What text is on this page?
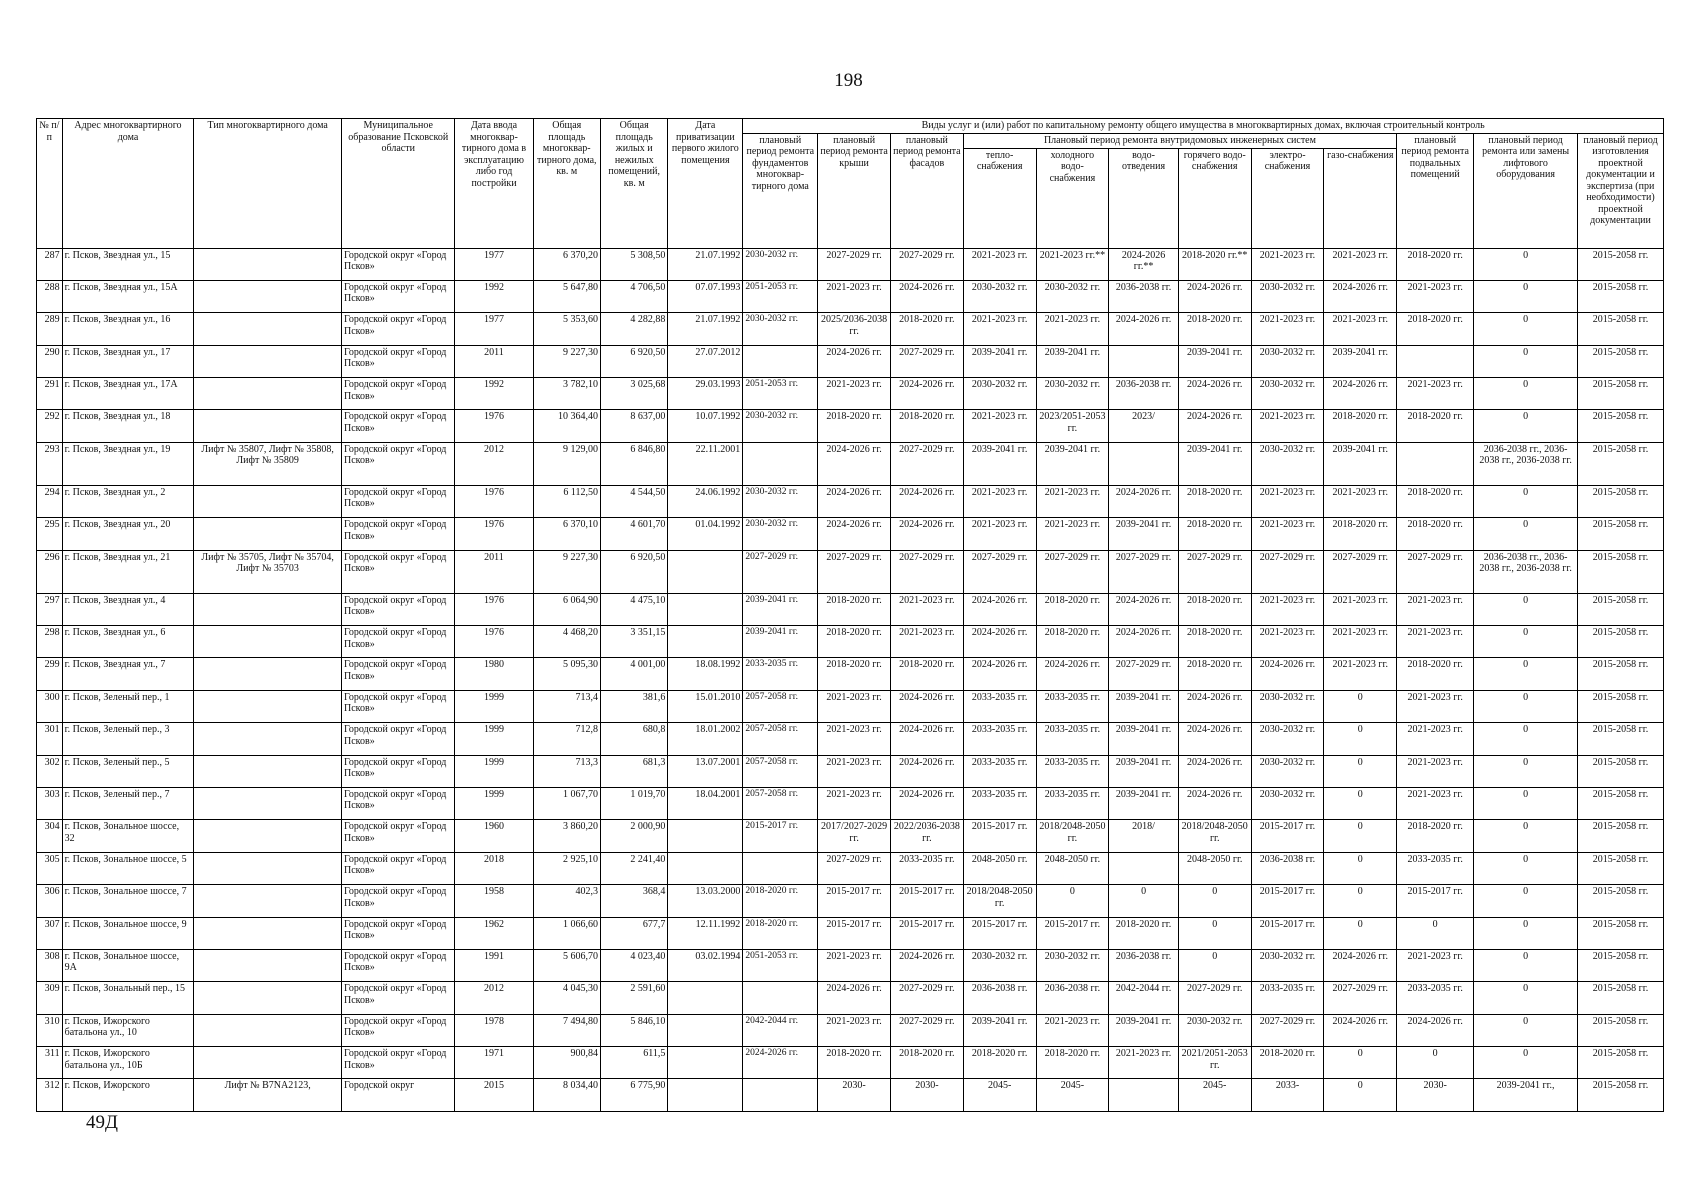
198
№ п/п	Адрес многоквартирного дома	Тип многоквартирного дома	Муниципальное образование Псковской области	Дата ввода многоквар-тирного дома в эксплуатацию либо год постройки	Общая площадь многоквар-тирного дома, кв. м	Общая площадь жилых и нежилых помещений, кв. м	Дата приватизации первого жилого помещения	Виды услуг и (или) работ по капитальному ремонту общего имущества в многоквартирных домах, включая строительный контроль											
								плановый период ремонта фундаментов многоквар-тирного дома	плановый период ремонта крыши	плановый период ремонта фасадов	Плановый период ремонта внутридомовых инженерных систем						плановый период ремонта подвальных помещений	плановый период ремонта или замены лифтового оборудования	плановый период изготовления проектной документации и экспертиза (при необходимости) проектной документации
											тепло-снабжения	холодного водо-снабжения	водо-отведения	горячего водо-снабжения	электро-снабжения	газо-снабжения			
287	г. Псков, Звездная ул., 15		Городской округ «Город Псков»	1977	6 370,20	5 308,50	21.07.1992	2030-2032 гг.	2027-2029 гг.	2027-2029 гг.	2021-2023 гг.	2021-2023 гг.**	2024-2026 гг.**	2018-2020 гг.**	2021-2023 гг.	2021-2023 гг.	2018-2020 гг.	0	2015-2058 гг.
288	г. Псков, Звездная ул., 15А		Городской округ «Город Псков»	1992	5 647,80	4 706,50	07.07.1993	2051-2053 гг.	2021-2023 гг.	2024-2026 гг.	2030-2032 гг.	2030-2032 гг.	2036-2038 гг.	2024-2026 гг.	2030-2032 гг.	2024-2026 гг.	2021-2023 гг.	0	2015-2058 гг.
289	г. Псков, Звездная ул., 16		Городской округ «Город Псков»	1977	5 353,60	4 282,88	21.07.1992	2030-2032 гг.	2025/2036-2038 гг.	2018-2020 гг.	2021-2023 гг.	2021-2023 гг.	2024-2026 гг.	2018-2020 гг.	2021-2023 гг.	2021-2023 гг.	2018-2020 гг.	0	2015-2058 гг.
290	г. Псков, Звездная ул., 17		Городской округ «Город Псков»	2011	9 227,30	6 920,50	27.07.2012		2024-2026 гг.	2027-2029 гг.	2039-2041 гг.	2039-2041 гг.		2039-2041 гг.	2030-2032 гг.	2039-2041 гг.		0	2015-2058 гг.
291	г. Псков, Звездная ул., 17А		Городской округ «Город Псков»	1992	3 782,10	3 025,68	29.03.1993	2051-2053 гг.	2021-2023 гг.	2024-2026 гг.	2030-2032 гг.	2030-2032 гг.	2036-2038 гг.	2024-2026 гг.	2030-2032 гг.	2024-2026 гг.	2021-2023 гг.	0	2015-2058 гг.
292	г. Псков, Звездная ул., 18		Городской округ «Город Псков»	1976	10 364,40	8 637,00	10.07.1992	2030-2032 гг.	2018-2020 гг.	2018-2020 гг.	2021-2023 гг.	2023/2051-2053 гг.	2023/	2024-2026 гг.	2021-2023 гг.	2018-2020 гг.	2018-2020 гг.	0	2015-2058 гг.
293	г. Псков, Звездная ул., 19	Лифт № 35807, Лифт № 35808, Лифт № 35809	Городской округ «Город Псков»	2012	9 129,00	6 846,80	22.11.2001		2024-2026 гг.	2027-2029 гг.	2039-2041 гг.	2039-2041 гг.		2039-2041 гг.	2030-2032 гг.	2039-2041 гг.		2036-2038 гг., 2036-2038 гг., 2036-2038 гг.	2015-2058 гг.
294	г. Псков, Звездная ул., 2		Городской округ «Город Псков»	1976	6 112,50	4 544,50	24.06.1992	2030-2032 гг.	2024-2026 гг.	2024-2026 гг.	2021-2023 гг.	2021-2023 гг.	2024-2026 гг.	2018-2020 гг.	2021-2023 гг.	2021-2023 гг.	2018-2020 гг.	0	2015-2058 гг.
295	г. Псков, Звездная ул., 20		Городской округ «Город Псков»	1976	6 370,10	4 601,70	01.04.1992	2030-2032 гг.	2024-2026 гг.	2024-2026 гг.	2021-2023 гг.	2021-2023 гг.	2039-2041 гг.	2018-2020 гг.	2021-2023 гг.	2018-2020 гг.	2018-2020 гг.	0	2015-2058 гг.
296	г. Псков, Звездная ул., 21	Лифт № 35705, Лифт № 35704, Лифт № 35703	Городской округ «Город Псков»	2011	9 227,30	6 920,50		2027-2029 гг.	2027-2029 гг.	2027-2029 гг.	2027-2029 гг.	2027-2029 гг.	2027-2029 гг.	2027-2029 гг.	2027-2029 гг.	2027-2029 гг.	2027-2029 гг.	2036-2038 гг., 2036-2038 гг., 2036-2038 гг.	2015-2058 гг.
297	г. Псков, Звездная ул., 4		Городской округ «Город Псков»	1976	6 064,90	4 475,10		2039-2041 гг.	2018-2020 гг.	2021-2023 гг.	2024-2026 гг.	2018-2020 гг.	2024-2026 гг.	2018-2020 гг.	2021-2023 гг.	2021-2023 гг.	2021-2023 гг.	0	2015-2058 гг.
298	г. Псков, Звездная ул., 6		Городской округ «Город Псков»	1976	4 468,20	3 351,15		2039-2041 гг.	2018-2020 гг.	2021-2023 гг.	2024-2026 гг.	2018-2020 гг.	2024-2026 гг.	2018-2020 гг.	2021-2023 гг.	2021-2023 гг.	2021-2023 гг.	0	2015-2058 гг.
299	г. Псков, Звездная ул., 7		Городской округ «Город Псков»	1980	5 095,30	4 001,00	18.08.1992	2033-2035 гг.	2018-2020 гг.	2018-2020 гг.	2024-2026 гг.	2024-2026 гг.	2027-2029 гг.	2018-2020 гг.	2024-2026 гг.	2021-2023 гг.	2018-2020 гг.	0	2015-2058 гг.
300	г. Псков, Зеленый пер., 1		Городской округ «Город Псков»	1999	713,4	381,6	15.01.2010	2057-2058 гг.	2021-2023 гг.	2024-2026 гг.	2033-2035 гг.	2033-2035 гг.	2039-2041 гг.	2024-2026 гг.	2030-2032 гг.	0	2021-2023 гг.	0	2015-2058 гг.
301	г. Псков, Зеленый пер., 3		Городской округ «Город Псков»	1999	712,8	680,8	18.01.2002	2057-2058 гг.	2021-2023 гг.	2024-2026 гг.	2033-2035 гг.	2033-2035 гг.	2039-2041 гг.	2024-2026 гг.	2030-2032 гг.	0	2021-2023 гг.	0	2015-2058 гг.
302	г. Псков, Зеленый пер., 5		Городской округ «Город Псков»	1999	713,3	681,3	13.07.2001	2057-2058 гг.	2021-2023 гг.	2024-2026 гг.	2033-2035 гг.	2033-2035 гг.	2039-2041 гг.	2024-2026 гг.	2030-2032 гг.	0	2021-2023 гг.	0	2015-2058 гг.
303	г. Псков, Зеленый пер., 7		Городской округ «Город Псков»	1999	1 067,70	1 019,70	18.04.2001	2057-2058 гг.	2021-2023 гг.	2024-2026 гг.	2033-2035 гг.	2033-2035 гг.	2039-2041 гг.	2024-2026 гг.	2030-2032 гг.	0	2021-2023 гг.	0	2015-2058 гг.
304	г. Псков, Зональное шоссе, 32		Городской округ «Город Псков»	1960	3 860,20	2 000,90		2015-2017 гг.	2017/2027-2029 гг.	2022/2036-2038 гг.	2015-2017 гг.	2018/2048-2050 гг.	2018/	2018/2048-2050 гг.	2015-2017 гг.	0	2018-2020 гг.	0	2015-2058 гг.
305	г. Псков, Зональное шоссе, 5		Городской округ «Город Псков»	2018	2 925,10	2 241,40			2027-2029 гг.	2033-2035 гг.	2048-2050 гг.	2048-2050 гг.		2048-2050 гг.	2036-2038 гг.	0	2033-2035 гг.	0	2015-2058 гг.
306	г. Псков, Зональное шоссе, 7		Городской округ «Город Псков»	1958	402,3	368,4	13.03.2000	2018-2020 гг.	2015-2017 гг.	2015-2017 гг.	2018/2048-2050 гг.	0	0	0	2015-2017 гг.	0	2015-2017 гг.	0	2015-2058 гг.
307	г. Псков, Зональное шоссе, 9		Городской округ «Город Псков»	1962	1 066,60	677,7	12.11.1992	2018-2020 гг.	2015-2017 гг.	2015-2017 гг.	2015-2017 гг.	2015-2017 гг.	2018-2020 гг.	0	2015-2017 гг.	0	0	0	2015-2058 гг.
308	г. Псков, Зональное шоссе, 9А		Городской округ «Город Псков»	1991	5 606,70	4 023,40	03.02.1994	2051-2053 гг.	2021-2023 гг.	2024-2026 гг.	2030-2032 гг.	2030-2032 гг.	2036-2038 гг.	0	2030-2032 гг.	2024-2026 гг.	2021-2023 гг.	0	2015-2058 гг.
309	г. Псков, Зональный пер., 15		Городской округ «Город Псков»	2012	4 045,30	2 591,60			2024-2026 гг.	2027-2029 гг.	2036-2038 гг.	2036-2038 гг.	2042-2044 гг.	2027-2029 гг.	2033-2035 гг.	2027-2029 гг.	2033-2035 гг.	0	2015-2058 гг.
310	г. Псков, Ижорского батальона ул., 10		Городской округ «Город Псков»	1978	7 494,80	5 846,10		2042-2044 гг.	2021-2023 гг.	2027-2029 гг.	2039-2041 гг.	2021-2023 гг.	2039-2041 гг.	2030-2032 гг.	2027-2029 гг.	2024-2026 гг.	2024-2026 гг.	0	2015-2058 гг.
311	г. Псков, Ижорского батальона ул., 10Б		Городской округ «Город Псков»	1971	900,84	611,5		2024-2026 гг.	2018-2020 гг.	2018-2020 гг.	2018-2020 гг.	2018-2020 гг.	2021-2023 гг.	2021/2051-2053 гг.	2018-2020 гг.	0	0	0	2015-2058 гг.
312	г. Псков, Ижорского	Лифт № B7NA2123,	Городской округ	2015	8 034,40	6 775,90			2030-	2030-	2045-	2045-		2045-	2033-	0	2030-	2039-2041 гг.,	2015-2058 гг.
49Д
